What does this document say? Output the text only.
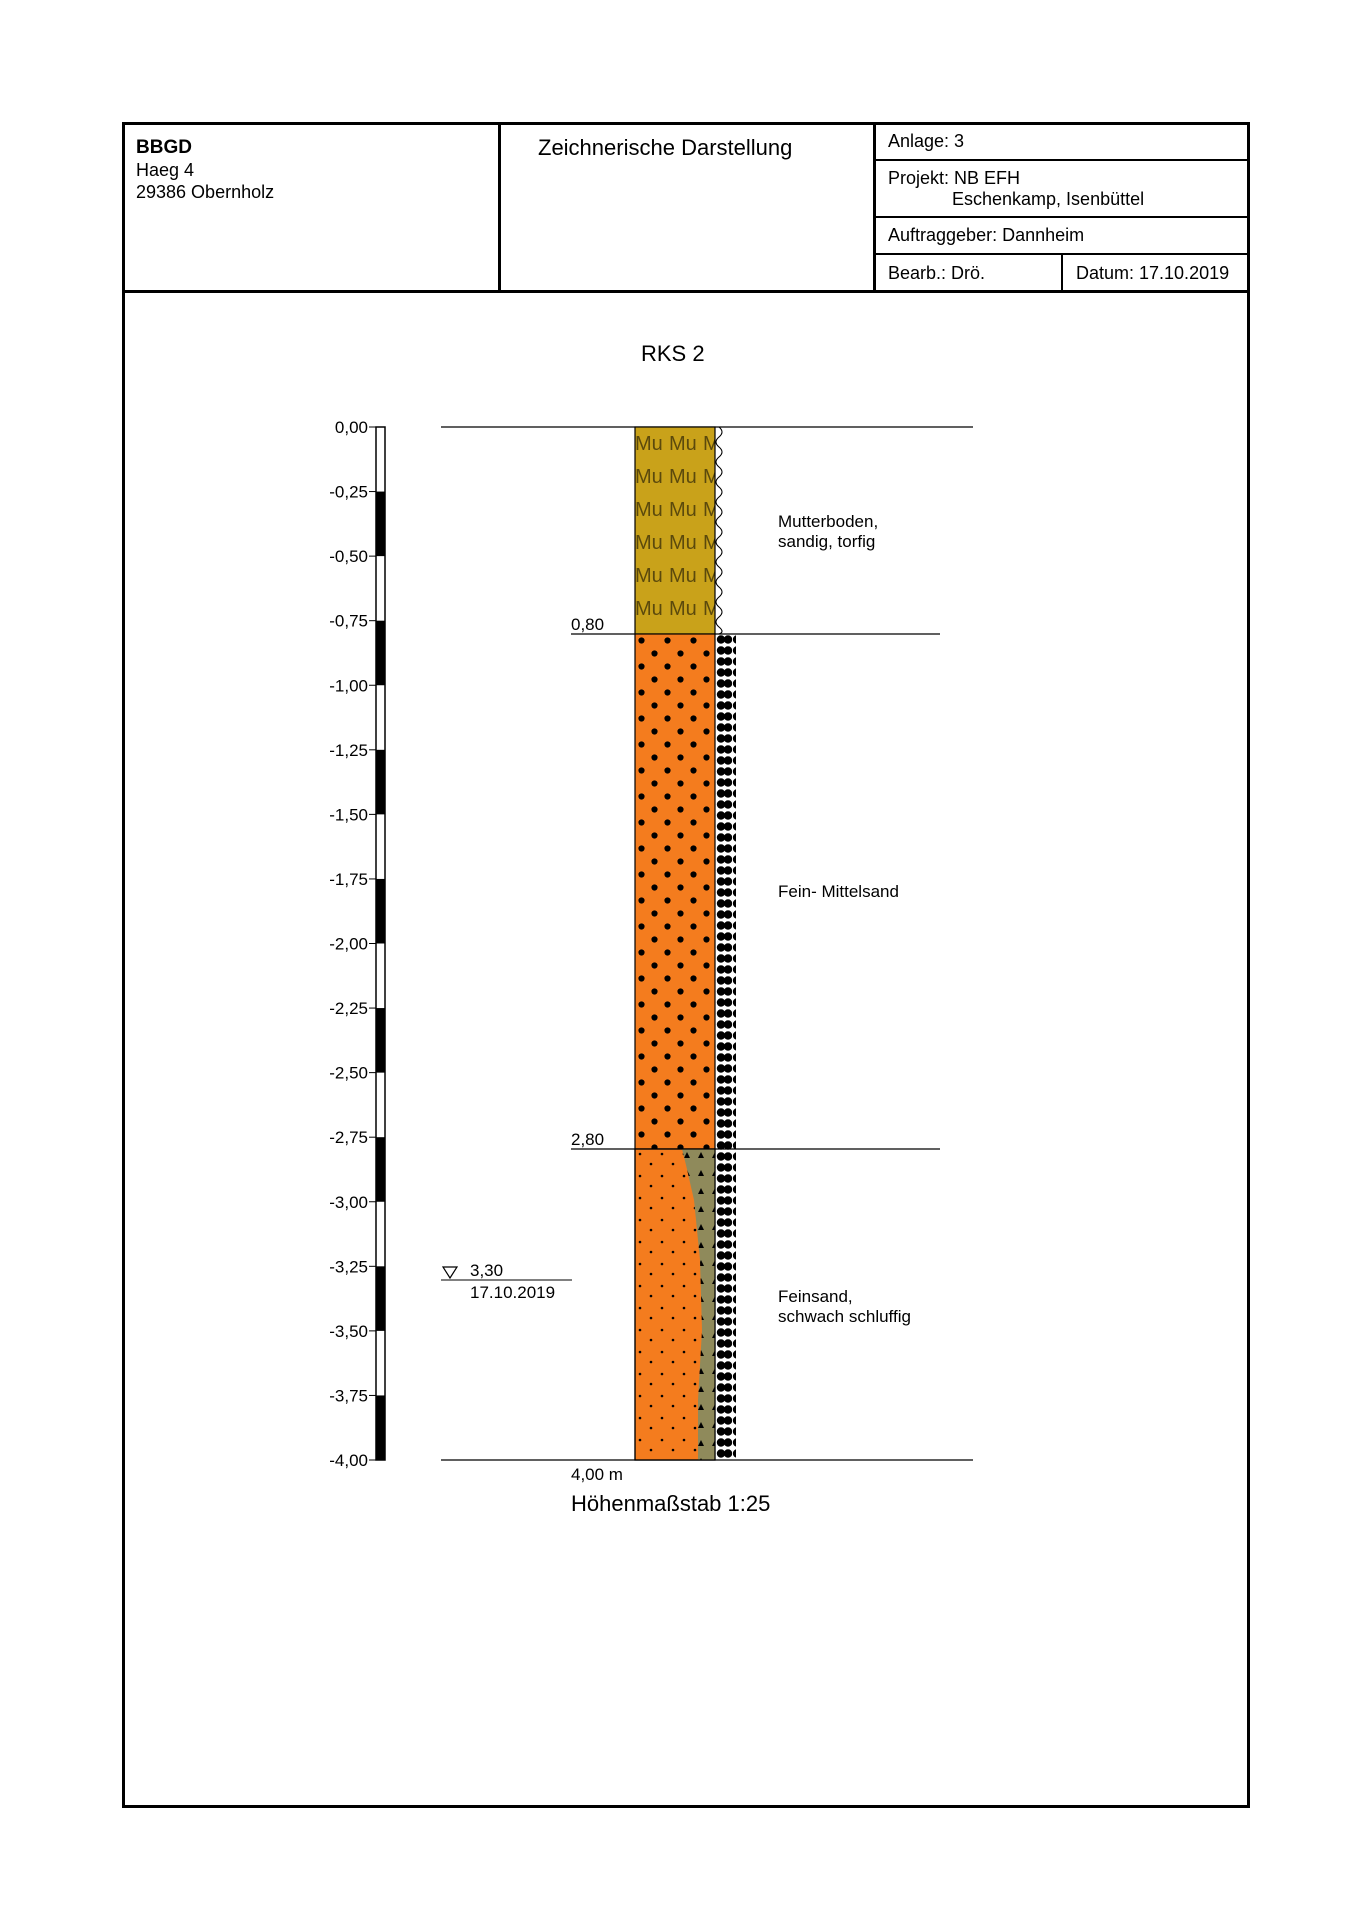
BBGD
Haeg 4
29386 Obernholz
Zeichnerische Darstellung	Anlage: 3
Projekt: NB EFH
Eschenkamp, Isenbüttel
Auftraggeber: Dannheim
Bearb.: Drö.	Datum: 17.10.2019
RKS 2
0,00
-0,25
-0,50
-0,75
-1,00
-1,25
-1,50
-1,75
-2,00
-2,25
-2,50
-2,75
-3,00
-3,25
-3,50
-3,75
-4,00
0,80
2,80
4,00 m
3,30
17.10.2019
Mutterboden,
sandig, torfig
Fein- Mittelsand
Feinsand,
schwach schluffig
Höhenmaßstab 1:25
